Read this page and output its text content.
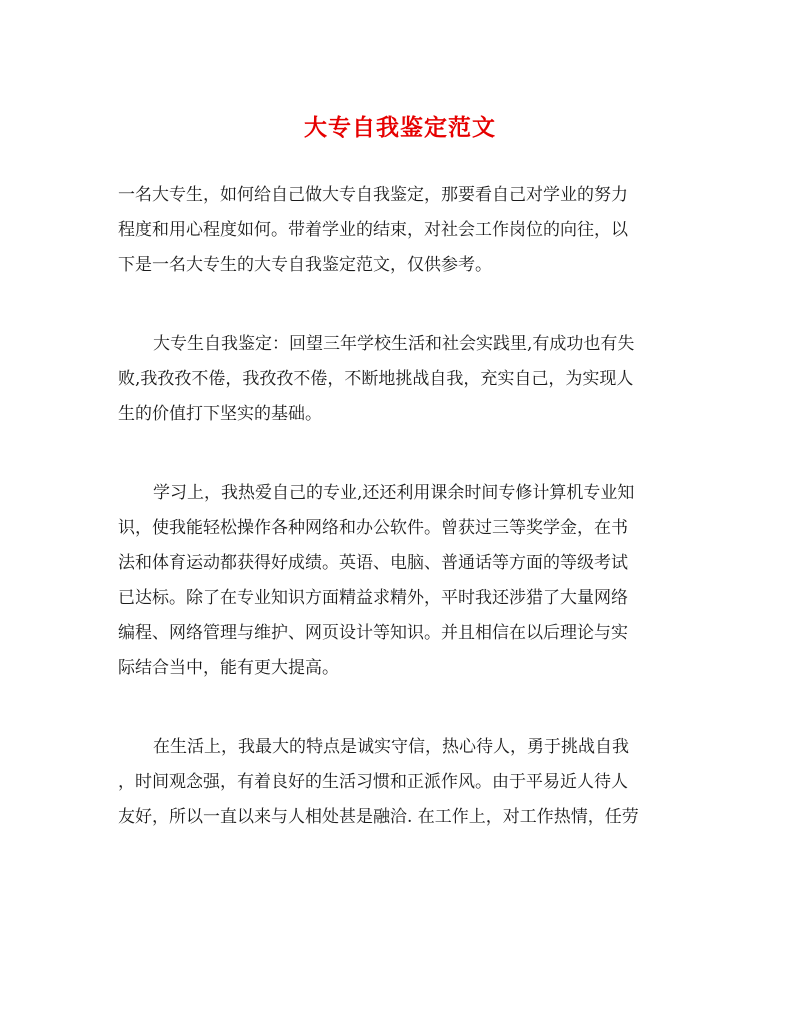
大专自我鉴定范文
一名大专生，如何给自己做大专自我鉴定，那要看自己对学业的努力
程度和用心程度如何。带着学业的结束，对社会工作岗位的向往，以
下是一名大专生的大专自我鉴定范文，仅供参考。
大专生自我鉴定：回望三年学校生活和社会实践里,有成功也有失
败,我孜孜不倦，我孜孜不倦，不断地挑战自我，充实自己，为实现人
生的价值打下坚实的基础。
学习上，我热爱自己的专业,还还利用课余时间专修计算机专业知
识，使我能轻松操作各种网络和办公软件。曾获过三等奖学金，在书
法和体育运动都获得好成绩。英语、电脑、普通话等方面的等级考试
已达标。除了在专业知识方面精益求精外，平时我还涉猎了大量网络
编程、网络管理与维护、网页设计等知识。并且相信在以后理论与实
际结合当中，能有更大提高。
在生活上，我最大的特点是诚实守信，热心待人，勇于挑战自我
，时间观念强，有着良好的生活习惯和正派作风。由于平易近人待人
友好，所以一直以来与人相处甚是融洽. 在工作上，对工作热情，任劳
